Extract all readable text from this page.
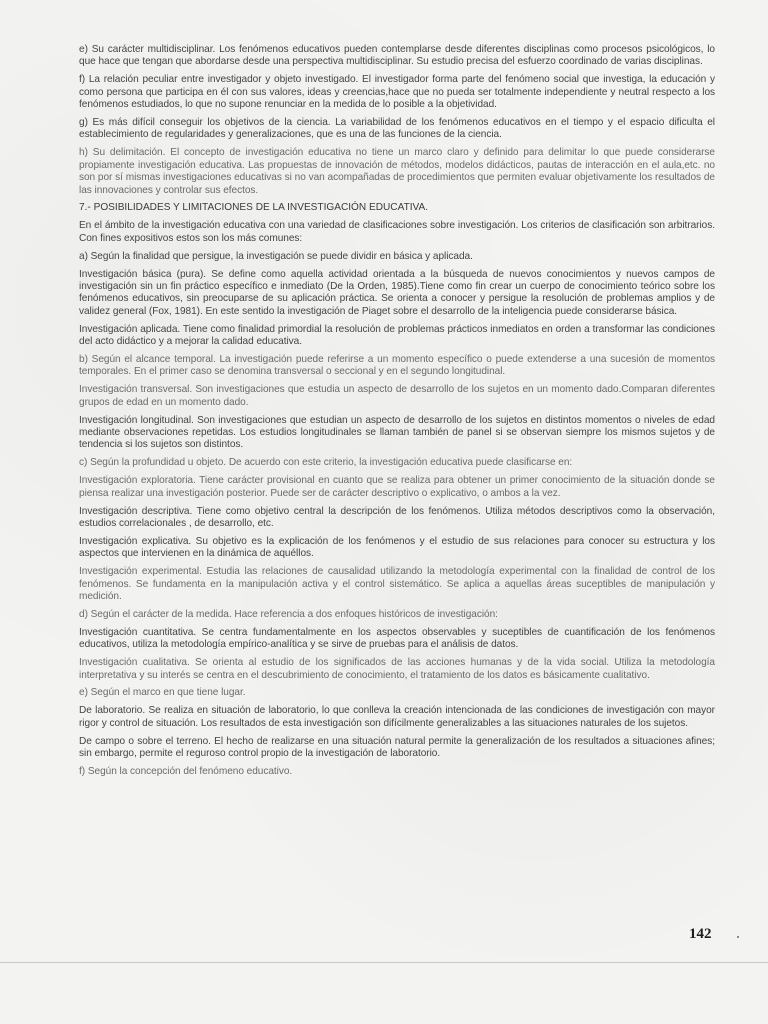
e) Su carácter multidisciplinar. Los fenómenos educativos pueden contemplarse desde diferentes disciplinas como procesos psicológicos, lo que hace que tengan que abordarse desde una perspectiva multidisciplinar. Su estudio precisa del esfuerzo coordinado de varias disciplinas.

f) La relación peculiar entre investigador y objeto investigado. El investigador forma parte del fenómeno social que investiga, la educación y como persona que participa en él con sus valores, ideas y creencias,hace que no pueda ser totalmente independiente y neutral respecto a los fenómenos estudiados, lo que no supone renunciar en la medida de lo posible a la objetividad.

g) Es más difícil conseguir los objetivos de la ciencia. La variabilidad de los fenómenos educativos en el tiempo y el espacio dificulta el establecimiento de regularidades y generalizaciones, que es una de las funciones de la ciencia.

h) Su delimitación. El concepto de investigación educativa no tiene un marco claro y definido para delimitar lo que puede considerarse propiamente investigación educativa. Las propuestas de innovación de métodos, modelos didácticos, pautas de interacción en el aula,etc. no son por sí mismas investigaciones educativas si no van acompañadas de procedimientos que permiten evaluar objetivamente los resultados de las innovaciones y controlar sus efectos.

7.- POSIBILIDADES Y LIMITACIONES DE LA INVESTIGACIÓN EDUCATIVA.

En el ámbito de la investigación educativa con una variedad de clasificaciones sobre investigación. Los criterios de clasificación son arbitrarios. Con fines expositivos estos son los más comunes:

a) Según la finalidad que persigue, la investigación se puede dividir en básica y aplicada.

Investigación básica (pura). Se define como aquella actividad orientada a la búsqueda de nuevos conocimientos y nuevos campos de investigación sin un fin práctico específico e inmediato (De la Orden, 1985).Tiene como fin crear un cuerpo de conocimiento teórico sobre los fenómenos educativos, sin preocuparse de su aplicación práctica. Se orienta a conocer y persigue la resolución de problemas amplios y de validez general (Fox, 1981). En este sentido la investigación de Piaget sobre el desarrollo de la inteligencia puede considerarse básica.

Investigación aplicada. Tiene como finalidad primordial la resolución de problemas prácticos inmediatos en orden a transformar las condiciones del acto didáctico y a mejorar la calidad educativa.

b) Según el alcance temporal. La investigación puede referirse a un momento específico o puede extenderse a una sucesión de momentos temporales. En el primer caso se denomina transversal o seccional y en el segundo longitudinal.

Investigación transversal. Son investigaciones que estudia un aspecto de desarrollo de los sujetos en un momento dado.Comparan diferentes grupos de edad en un momento dado.

Investigación longitudinal. Son investigaciones que estudian un aspecto de desarrollo de los sujetos en distintos momentos o niveles de edad mediante observaciones repetidas. Los estudios longitudinales se llaman también de panel si se observan siempre los mismos sujetos y de tendencia si los sujetos son distintos.

c) Según la profundidad u objeto. De acuerdo con este criterio, la investigación educativa puede clasificarse en:

Investigación exploratoria. Tiene carácter provisional en cuanto que se realiza para obtener un primer conocimiento de la situación donde se piensa realizar una investigación posterior. Puede ser de carácter descriptivo o explicativo, o ambos a la vez.

Investigación descriptiva. Tiene como objetivo central la descripción de los fenómenos. Utiliza métodos descriptivos como la observación, estudios correlacionales , de desarrollo, etc.

Investigación explicativa. Su objetivo es la explicación de los fenómenos y el estudio de sus relaciones para conocer su estructura y los aspectos que intervienen en la dinámica de aquéllos.

Investigación experimental. Estudia las relaciones de causalidad utilizando la metodología experimental con la finalidad de control de los fenómenos. Se fundamenta en la manipulación activa y el control sistemático. Se aplica a aquellas áreas suceptibles de manipulación y medición.

d) Según el carácter de la medida. Hace referencia a dos enfoques históricos de investigación:

Investigación cuantitativa. Se centra fundamentalmente en los aspectos observables y suceptibles de cuantificación de los fenómenos educativos, utiliza la metodología empírico-analítica y se sirve de pruebas para el análisis de datos.

Investigación cualitativa. Se orienta al estudio de los significados de las acciones humanas y de la vida social. Utiliza la metodología interpretativa y su interés se centra en el descubrimiento de conocimiento, el tratamiento de los datos es básicamente cualitativo.

e) Según el marco en que tiene lugar.

De laboratorio. Se realiza en situación de laboratorio, lo que conlleva la creación intencionada de las condiciones de investigación con mayor rigor y control de situación. Los resultados de esta investigación son difícilmente generalizables a las situaciones naturales de los sujetos.

De campo o sobre el terreno. El hecho de realizarse en una situación natural permite la generalización de los resultados a situaciones afines; sin embargo, permite el reguroso control propio de la investigación de laboratorio.

f) Según la concepción del fenómeno educativo.

142
